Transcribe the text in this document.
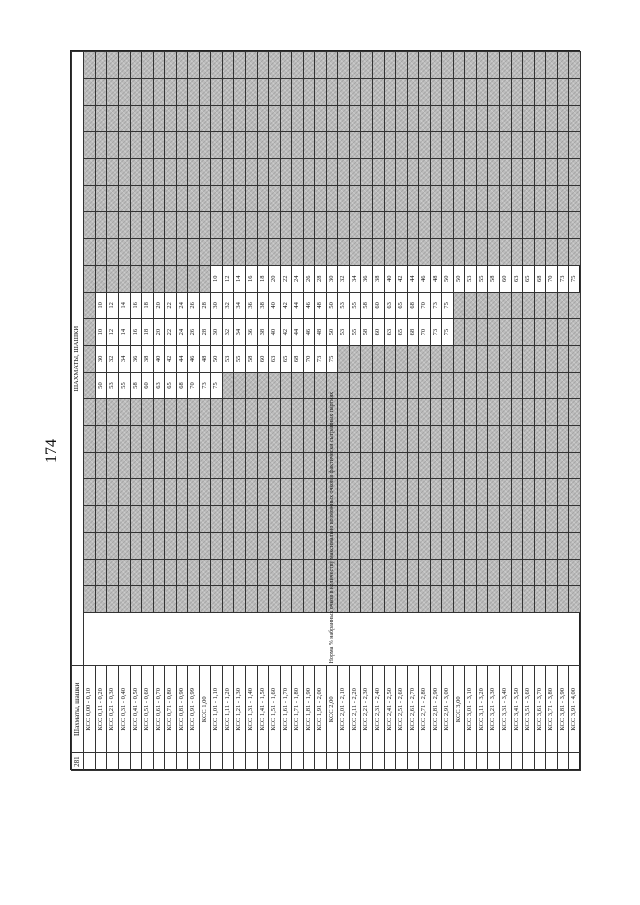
174
281	Шахматы, шашки	ШАХМАТЫ, ШАШКИ																					
	КСС 0,00 - 0,10																						
	КСС 0,11 - 0,20										50	30	10	10									
	КСС 0,21 - 0,30										53	32	12	12									
	КСС 0,31 - 0,40										55	34	14	14									
	КСС 0,41 - 0,50										58	36	16	16									
	КСС 0,51 - 0,60										60	38	18	18									
	КСС 0,61 - 0,70										63	40	20	20									
	КСС 0,71 - 0,80										65	42	22	22									
	КСС 0,81 - 0,90										68	44	24	24									
	КСС 0,91 - 0,99										70	46	26	26									
	КСС 1,00										73	48	28	28									
	КСС 1,01 - 1,10										75	50	30	30	10								
	КСС 1,11 - 1,20											53	32	32	12								
	КСС 1,21 - 1,30											55	34	34	14								
	КСС 1,31 - 1,40											58	36	36	16								
	КСС 1,41 - 1,50											60	38	38	18								
	КСС 1,51 - 1,60											63	40	40	20								
	КСС 1,61 - 1,70											65	42	42	22								
	КСС 1,71 - 1,80											68	44	44	24								
	КСС 1,81 - 1,90											70	46	46	26								
	КСС 1,91 - 2,00											73	48	48	28								
	КСС 2,00											75	50	50	30								
	КСС 2,01 - 2,10												53	53	32								
	КСС 2,11 - 2,20												55	55	34								
	КСС 2,21 - 2,30												58	58	36								
	КСС 2,31 - 2,40												60	60	38								
	КСС 2,41 - 2,50												63	63	40								
	КСС 2,51 - 2,60												65	65	42								
	КСС 2,61 - 2,70												68	68	44								
	КСС 2,71 - 2,80												70	70	46								
	КСС 2,81 - 2,90												73	73	48								
	КСС 2,91 - 3,00												75	75	50								
	КСС 3,00														50								
	КСС 3,01 - 3,10														53								
	КСС 3,11 - 3,20														55								
	КСС 3,21 - 3,30														58								
	КСС 3,31 - 3,40														60								
	КСС 3,41 - 3,50														63								
	КСС 3,51 - 3,60														65								
	КСС 3,61 - 3,70														68								
	КСС 3,71 - 3,80														70								
	КСС 3,81 - 3,90														73								
	КСС 3,91 - 4,00														75								
